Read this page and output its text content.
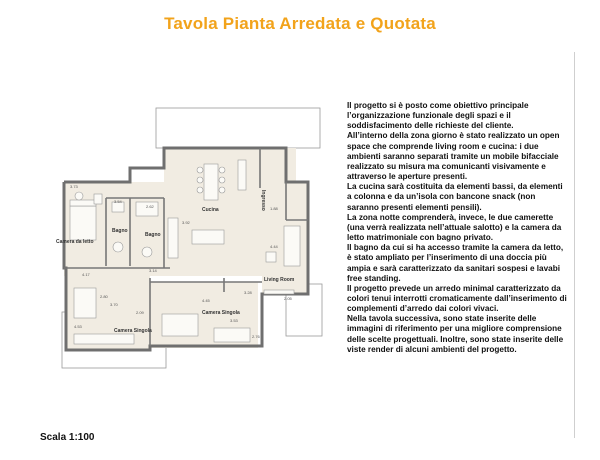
Tavola Pianta Arredata e Quotata
Camera da letto
Bagno
Bagno
Cucina	Ingresso
Living Room
Camera Singola
Camera Singola
3.73
3.54
2.62
4.17
3.14
3.92
1.88
4.44
2.80
3.70
2.09
4.45
4.53
3.53
2.76
3.28
2.05

Il progetto si è posto come obiettivo principale l’organizzazione funzionale degli spazi e il soddisfacimento delle richieste del cliente.

All’interno della zona giorno è stato realizzato un open space che comprende living room e cucina: i due ambienti saranno separati tramite un mobile bifacciale realizzato su misura ma comunicanti visivamente e attraverso le aperture presenti.

La cucina sarà costituita da elementi bassi, da elementi a colonna e da un’isola con bancone snack (non saranno presenti elementi pensili).

La zona notte comprenderà, invece, le due camerette (una verrà realizzata nell’attuale salotto) e la camera da letto matrimoniale con bagno privato.

Il bagno da cui si ha accesso tramite la camera da letto, è stato ampliato per l’inserimento di una doccia più ampia e sarà caratterizzato da sanitari sospesi e lavabi free standing.

Il progetto prevede un arredo minimal caratterizzato da colori tenui interrotti cromaticamente dall’inserimento di complementi d’arredo dai colori vivaci.

Nella tavola successiva, sono state inserite delle immagini di riferimento per una migliore comprensione delle scelte progettuali. Inoltre, sono state inserite delle viste render di alcuni ambienti del progetto.

Scala 1:100
